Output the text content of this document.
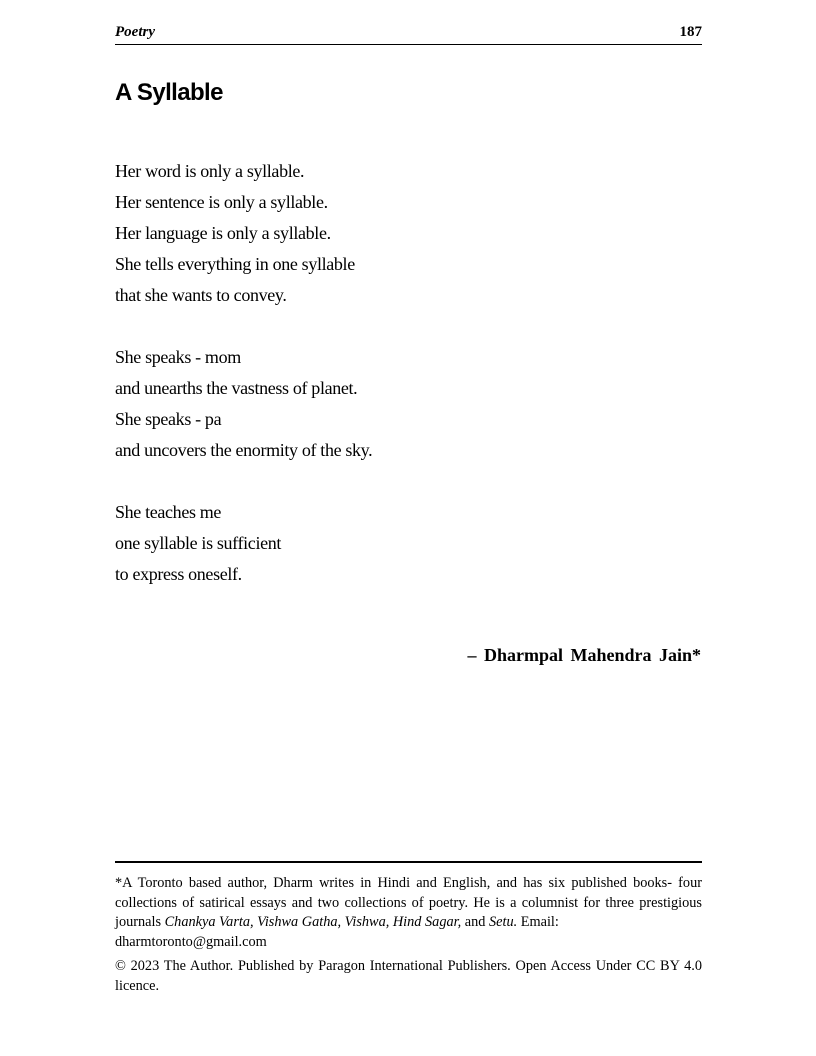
Poetry	187
A Syllable
Her word is only a syllable.
Her sentence is only a syllable.
Her language is only a syllable.
She tells everything in one syllable
that she wants to convey.
She speaks - mom
and unearths the vastness of planet.
She speaks - pa
and uncovers the enormity of the sky.
She teaches me
one syllable is sufficient
to express oneself.
– Dharmpal Mahendra Jain*

*A Toronto based author, Dharm writes in Hindi and English, and has six published books- four collections of satirical essays and two collections of poetry. He is a columnist for three prestigious journals Chankya Varta, Vishwa Gatha, Vishwa, Hind Sagar, and Setu. Email:
dharmtoronto@gmail.com

© 2023 The Author. Published by Paragon International Publishers. Open Access Under CC BY 4.0 licence.
